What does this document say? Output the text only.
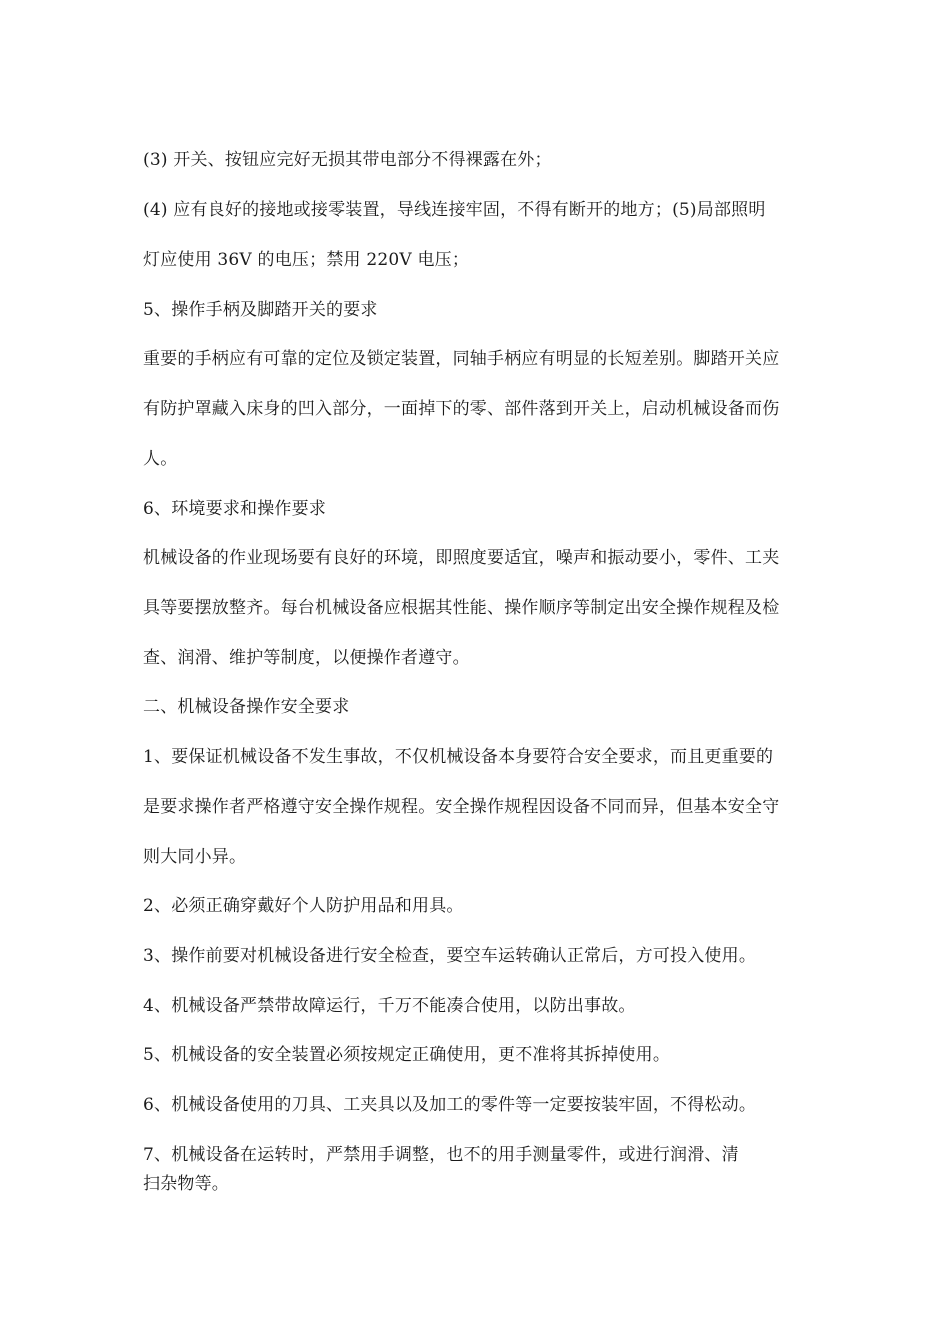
(3) 开关、按钮应完好无损其带电部分不得裸露在外；
(4) 应有良好的接地或接零装置，导线连接牢固，不得有断开的地方；(5)局部照明
灯应使用 36V 的电压；禁用 220V 电压；
5、操作手柄及脚踏开关的要求
重要的手柄应有可靠的定位及锁定装置，同轴手柄应有明显的长短差别。脚踏开关应
有防护罩藏入床身的凹入部分，一面掉下的零、部件落到开关上，启动机械设备而伤
人。
6、环境要求和操作要求
机械设备的作业现场要有良好的环境，即照度要适宜，噪声和振动要小，零件、工夹
具等要摆放整齐。每台机械设备应根据其性能、操作顺序等制定出安全操作规程及检
查、润滑、维护等制度，以便操作者遵守。
二、机械设备操作安全要求
1、要保证机械设备不发生事故，不仅机械设备本身要符合安全要求，而且更重要的
是要求操作者严格遵守安全操作规程。安全操作规程因设备不同而异，但基本安全守
则大同小异。
2、必须正确穿戴好个人防护用品和用具。
3、操作前要对机械设备进行安全检查，要空车运转确认正常后，方可投入使用。
4、机械设备严禁带故障运行，千万不能凑合使用，以防出事故。
5、机械设备的安全装置必须按规定正确使用，更不准将其拆掉使用。
6、机械设备使用的刀具、工夹具以及加工的零件等一定要按装牢固，不得松动。
7、机械设备在运转时，严禁用手调整，也不的用手测量零件，或进行润滑、清
扫杂物等。
